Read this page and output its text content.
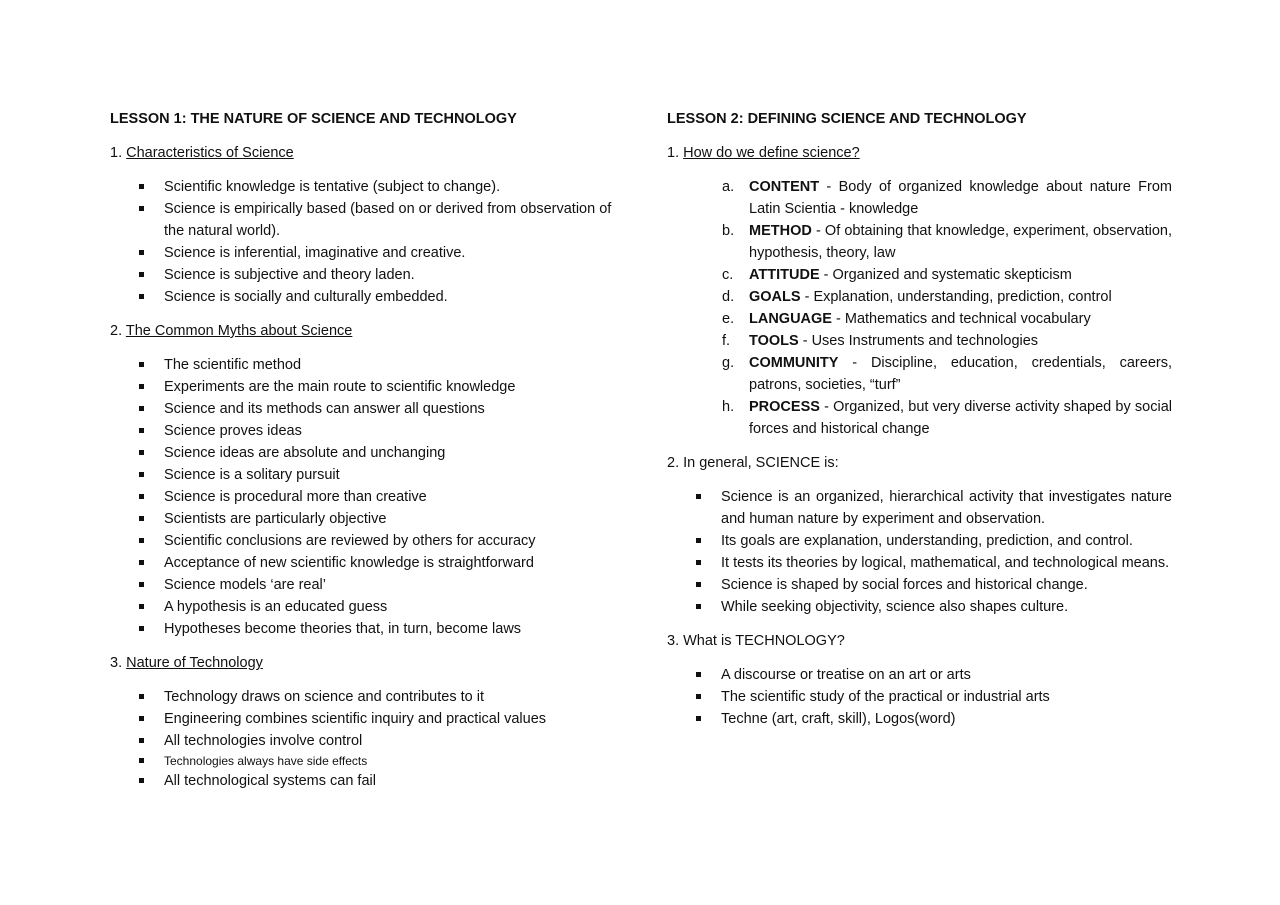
LESSON 1: THE NATURE OF SCIENCE AND TECHNOLOGY
1. Characteristics of Science
Scientific knowledge is tentative (subject to change).
Science is empirically based (based on or derived from observation of the natural world).
Science is inferential, imaginative and creative.
Science is subjective and theory laden.
Science is socially and culturally embedded.
2. The Common Myths about Science
The scientific method
Experiments are the main route to scientific knowledge
Science and its methods can answer all questions
Science proves ideas
Science ideas are absolute and unchanging
Science is a solitary pursuit
Science is procedural more than creative
Scientists are particularly objective
Scientific conclusions are reviewed by others for accuracy
Acceptance of new scientific knowledge is straightforward
Science models ‘are real’
A hypothesis is an educated guess
Hypotheses become theories that, in turn, become laws
3. Nature of Technology
Technology draws on science and contributes to it
Engineering combines scientific inquiry and practical values
All technologies involve control
Technologies always have side effects
All technological systems can fail
LESSON 2: DEFINING SCIENCE AND TECHNOLOGY
1. How do we define science?
a. CONTENT - Body of organized knowledge about nature From Latin Scientia - knowledge
b. METHOD - Of obtaining that knowledge, experiment, observation, hypothesis, theory, law
c. ATTITUDE - Organized and systematic skepticism
d. GOALS - Explanation, understanding, prediction, control
e. LANGUAGE - Mathematics and technical vocabulary
f. TOOLS - Uses Instruments and technologies
g. COMMUNITY - Discipline, education, credentials, careers, patrons, societies, “turf”
h. PROCESS - Organized, but very diverse activity shaped by social forces and historical change
2. In general, SCIENCE is:
Science is an organized, hierarchical activity that investigates nature and human nature by experiment and observation.
Its goals are explanation, understanding, prediction, and control.
It tests its theories by logical, mathematical, and technological means.
Science is shaped by social forces and historical change.
While seeking objectivity, science also shapes culture.
3. What is TECHNOLOGY?
A discourse or treatise on an art or arts
The scientific study of the practical or industrial arts
Techne (art, craft, skill), Logos(word)
